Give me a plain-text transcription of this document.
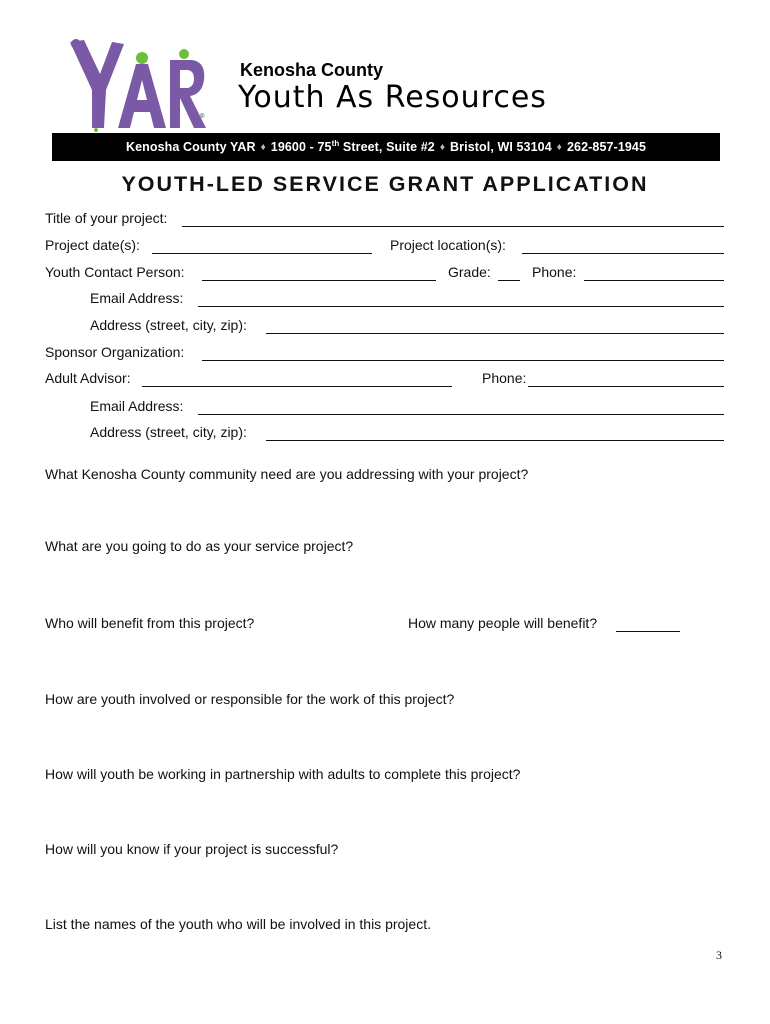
®
Kenosha County
Youth As Resources
Kenosha County YAR ♦ 19600 - 75th Street, Suite #2 ♦ Bristol, WI 53104 ♦ 262-857-1945
YOUTH-LED SERVICE GRANT APPLICATION
Title of your project:
Project date(s):	Project location(s):
Youth Contact Person:	Grade:	Phone:
Email Address:
Address (street, city, zip):
Sponsor Organization:
Adult Advisor:	Phone:
Email Address:
Address (street, city, zip):
What Kenosha County community need are you addressing with your project?
What are you going to do as your service project?
Who will benefit from this project?	How many people will benefit?
How are youth involved or responsible for the work of this project?
How will youth be working in partnership with adults to complete this project?
How will you know if your project is successful?
List the names of the youth who will be involved in this project.
3
